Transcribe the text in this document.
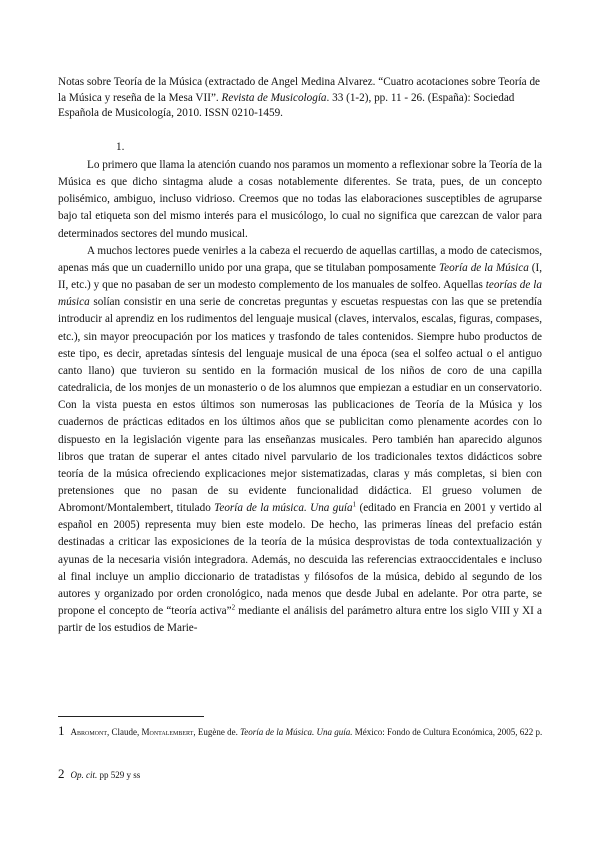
Notas sobre Teoría de la Música (extractado de Angel Medina Alvarez. “Cuatro acotaciones sobre Teoría de la Música y reseña de la Mesa VII”. Revista de Musicología. 33 (1-2), pp. 11 - 26. (España): Sociedad Española de Musicología, 2010. ISSN 0210-1459.
1.

Lo primero que llama la atención cuando nos paramos un momento a reflexionar sobre la Teoría de la Música es que dicho sintagma alude a cosas notablemente diferentes. Se trata, pues, de un concepto polisémico, ambiguo, incluso vidrioso. Creemos que no todas las elaboraciones susceptibles de agruparse bajo tal etiqueta son del mismo interés para el musicólogo, lo cual no significa que carezcan de valor para determinados sectores del mundo musical.

A muchos lectores puede venirles a la cabeza el recuerdo de aquellas cartillas, a modo de catecismos, apenas más que un cuadernillo unido por una grapa, que se titulaban pomposamente Teoría de la Música (I, II, etc.) y que no pasaban de ser un modesto complemento de los manuales de solfeo. Aquellas teorías de la música solían consistir en una serie de concretas preguntas y escuetas respuestas con las que se pretendía introducir al aprendiz en los rudimentos del lenguaje musical (claves, intervalos, escalas, figuras, compases, etc.), sin mayor preocupación por los matices y trasfondo de tales contenidos. Siempre hubo productos de este tipo, es decir, apretadas síntesis del lenguaje musical de una época (sea el solfeo actual o el antiguo canto llano) que tuvieron su sentido en la formación musical de los niños de coro de una capilla catedralicia, de los monjes de un monasterio o de los alumnos que empiezan a estudiar en un conservatorio. Con la vista puesta en estos últimos son numerosas las publicaciones de Teoría de la Música y los cuadernos de prácticas editados en los últimos años que se publicitan como plenamente acordes con lo dispuesto en la legislación vigente para las enseñanzas musicales. Pero también han aparecido algunos libros que tratan de superar el antes citado nivel parvulario de los tradicionales textos didácticos sobre teoría de la música ofreciendo explicaciones mejor sistematizadas, claras y más completas, si bien con pretensiones que no pasan de su evidente funcionalidad didáctica. El grueso volumen de Abromont/Montalembert, titulado Teoría de la música. Una guía$^1$ (editado en Francia en 2001 y vertido al español en 2005) representa muy bien este modelo. De hecho, las primeras líneas del prefacio están destinadas a criticar las exposiciones de la teoría de la música desprovistas de toda contextualización y ayunas de la necesaria visión integradora. Además, no descuida las referencias extraoccidentales e incluso al final incluye un amplio diccionario de tratadistas y filósofos de la música, debido al segundo de los autores y organizado por orden cronológico, nada menos que desde Jubal en adelante. Por otra parte, se propone el concepto de “teoría activa”$^2$ mediante el análisis del parámetro altura entre los siglo VIII y XI a partir de los estudios de Marie-

1 Abromont, Claude, Montalembert, Eugène de. Teoría de la Música. Una guía. México: Fondo de Cultura Económica, 2005, 622 p.
2 Op. cit. pp 529 y ss
